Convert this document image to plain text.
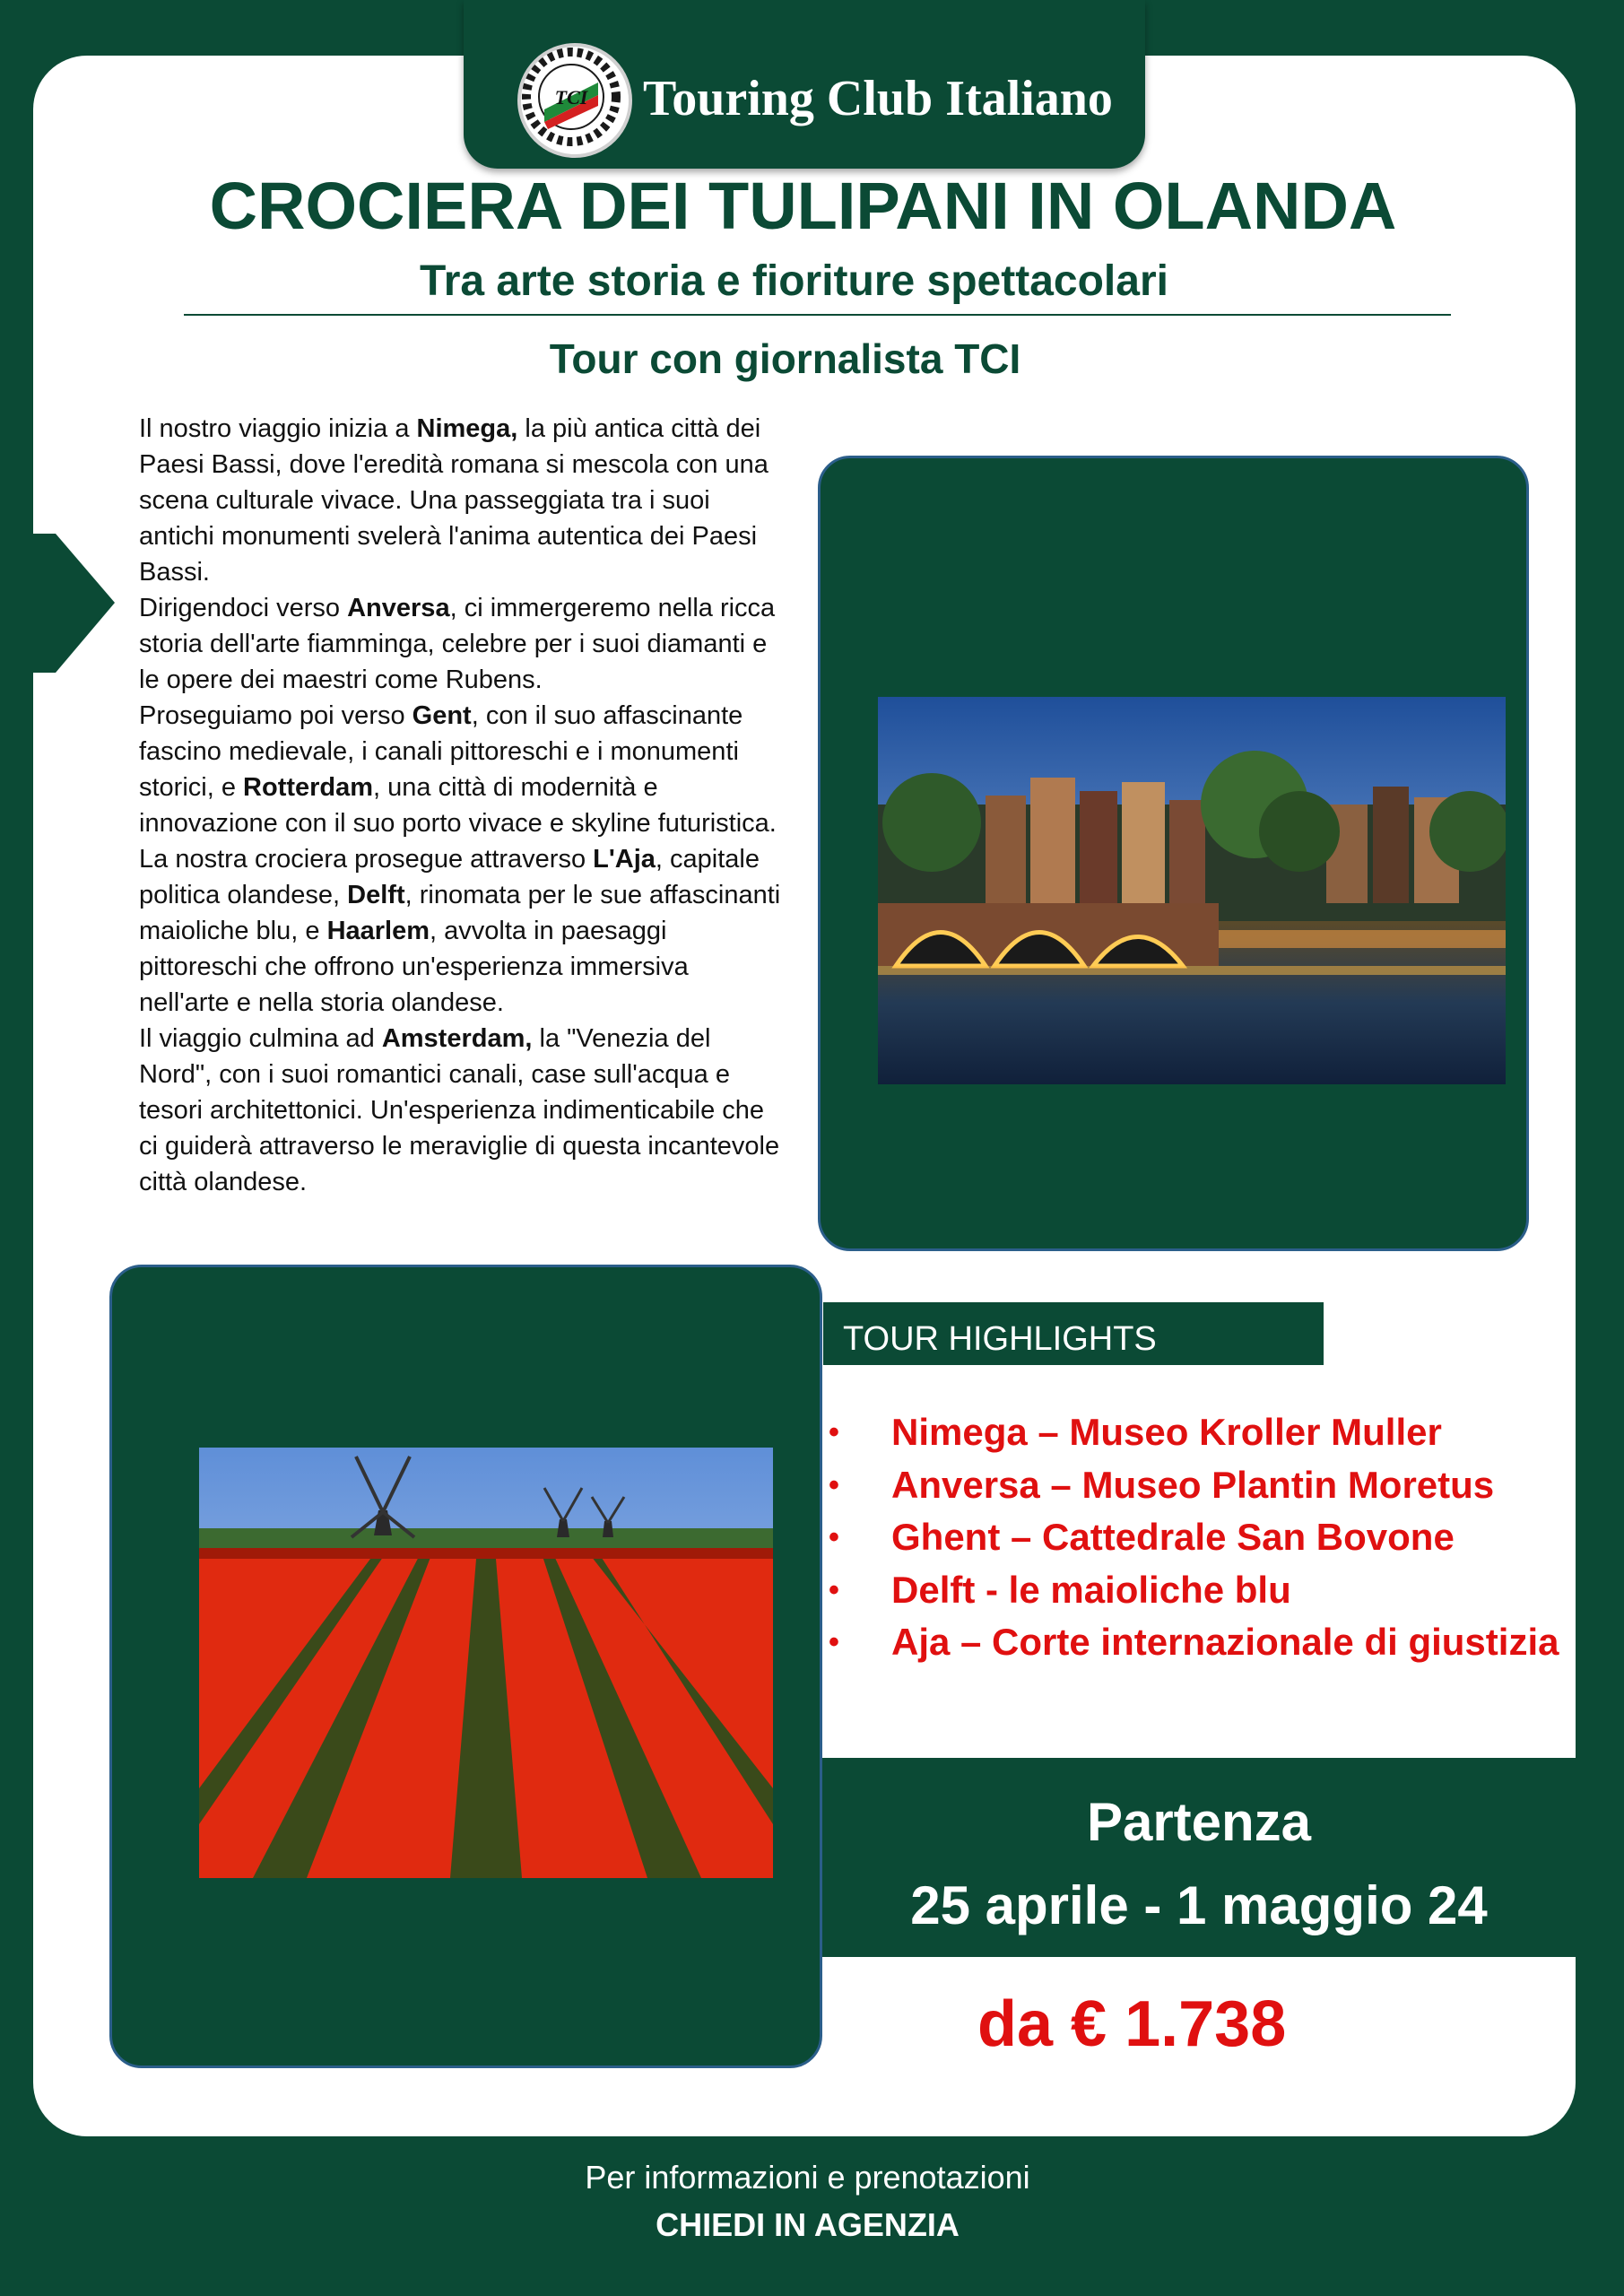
TCI Touring Club Italiano
CROCIERA DEI TULIPANI IN OLANDA
Tra arte storia e fioriture spettacolari
Tour con giornalista TCI

Il nostro viaggio inizia a Nimega, la più antica città dei Paesi Bassi, dove l'eredità romana si mescola con una scena culturale vivace. Una passeggiata tra i suoi antichi monumenti svelerà l'anima autentica dei Paesi Bassi.

Dirigendoci verso Anversa, ci immergeremo nella ricca storia dell'arte fiamminga, celebre per i suoi diamanti e le opere dei maestri come Rubens.

Proseguiamo poi verso Gent, con il suo affascinante fascino medievale, i canali pittoreschi e i monumenti storici, e Rotterdam, una città di modernità e innovazione con il suo porto vivace e skyline futuristica.

La nostra crociera prosegue attraverso L'Aja, capitale politica olandese, Delft, rinomata per le sue affascinanti maioliche blu, e Haarlem, avvolta in paesaggi pittoreschi che offrono un'esperienza immersiva nell'arte e nella storia olandese.

Il viaggio culmina ad Amsterdam, la "Venezia del Nord", con i suoi romantici canali, case sull'acqua e tesori architettonici. Un'esperienza indimenticabile che ci guiderà attraverso le meraviglie di questa incantevole città olandese.

TOUR HIGHLIGHTS
• Nimega – Museo Kroller Muller
• Anversa – Museo Plantin Moretus
• Ghent – Cattedrale San Bovone
• Delft - le maioliche blu
• Aja – Corte internazionale di giustizia
Partenza
25 aprile - 1 maggio 24
da € 1.738
Per informazioni e prenotazioni
CHIEDI IN AGENZIA
